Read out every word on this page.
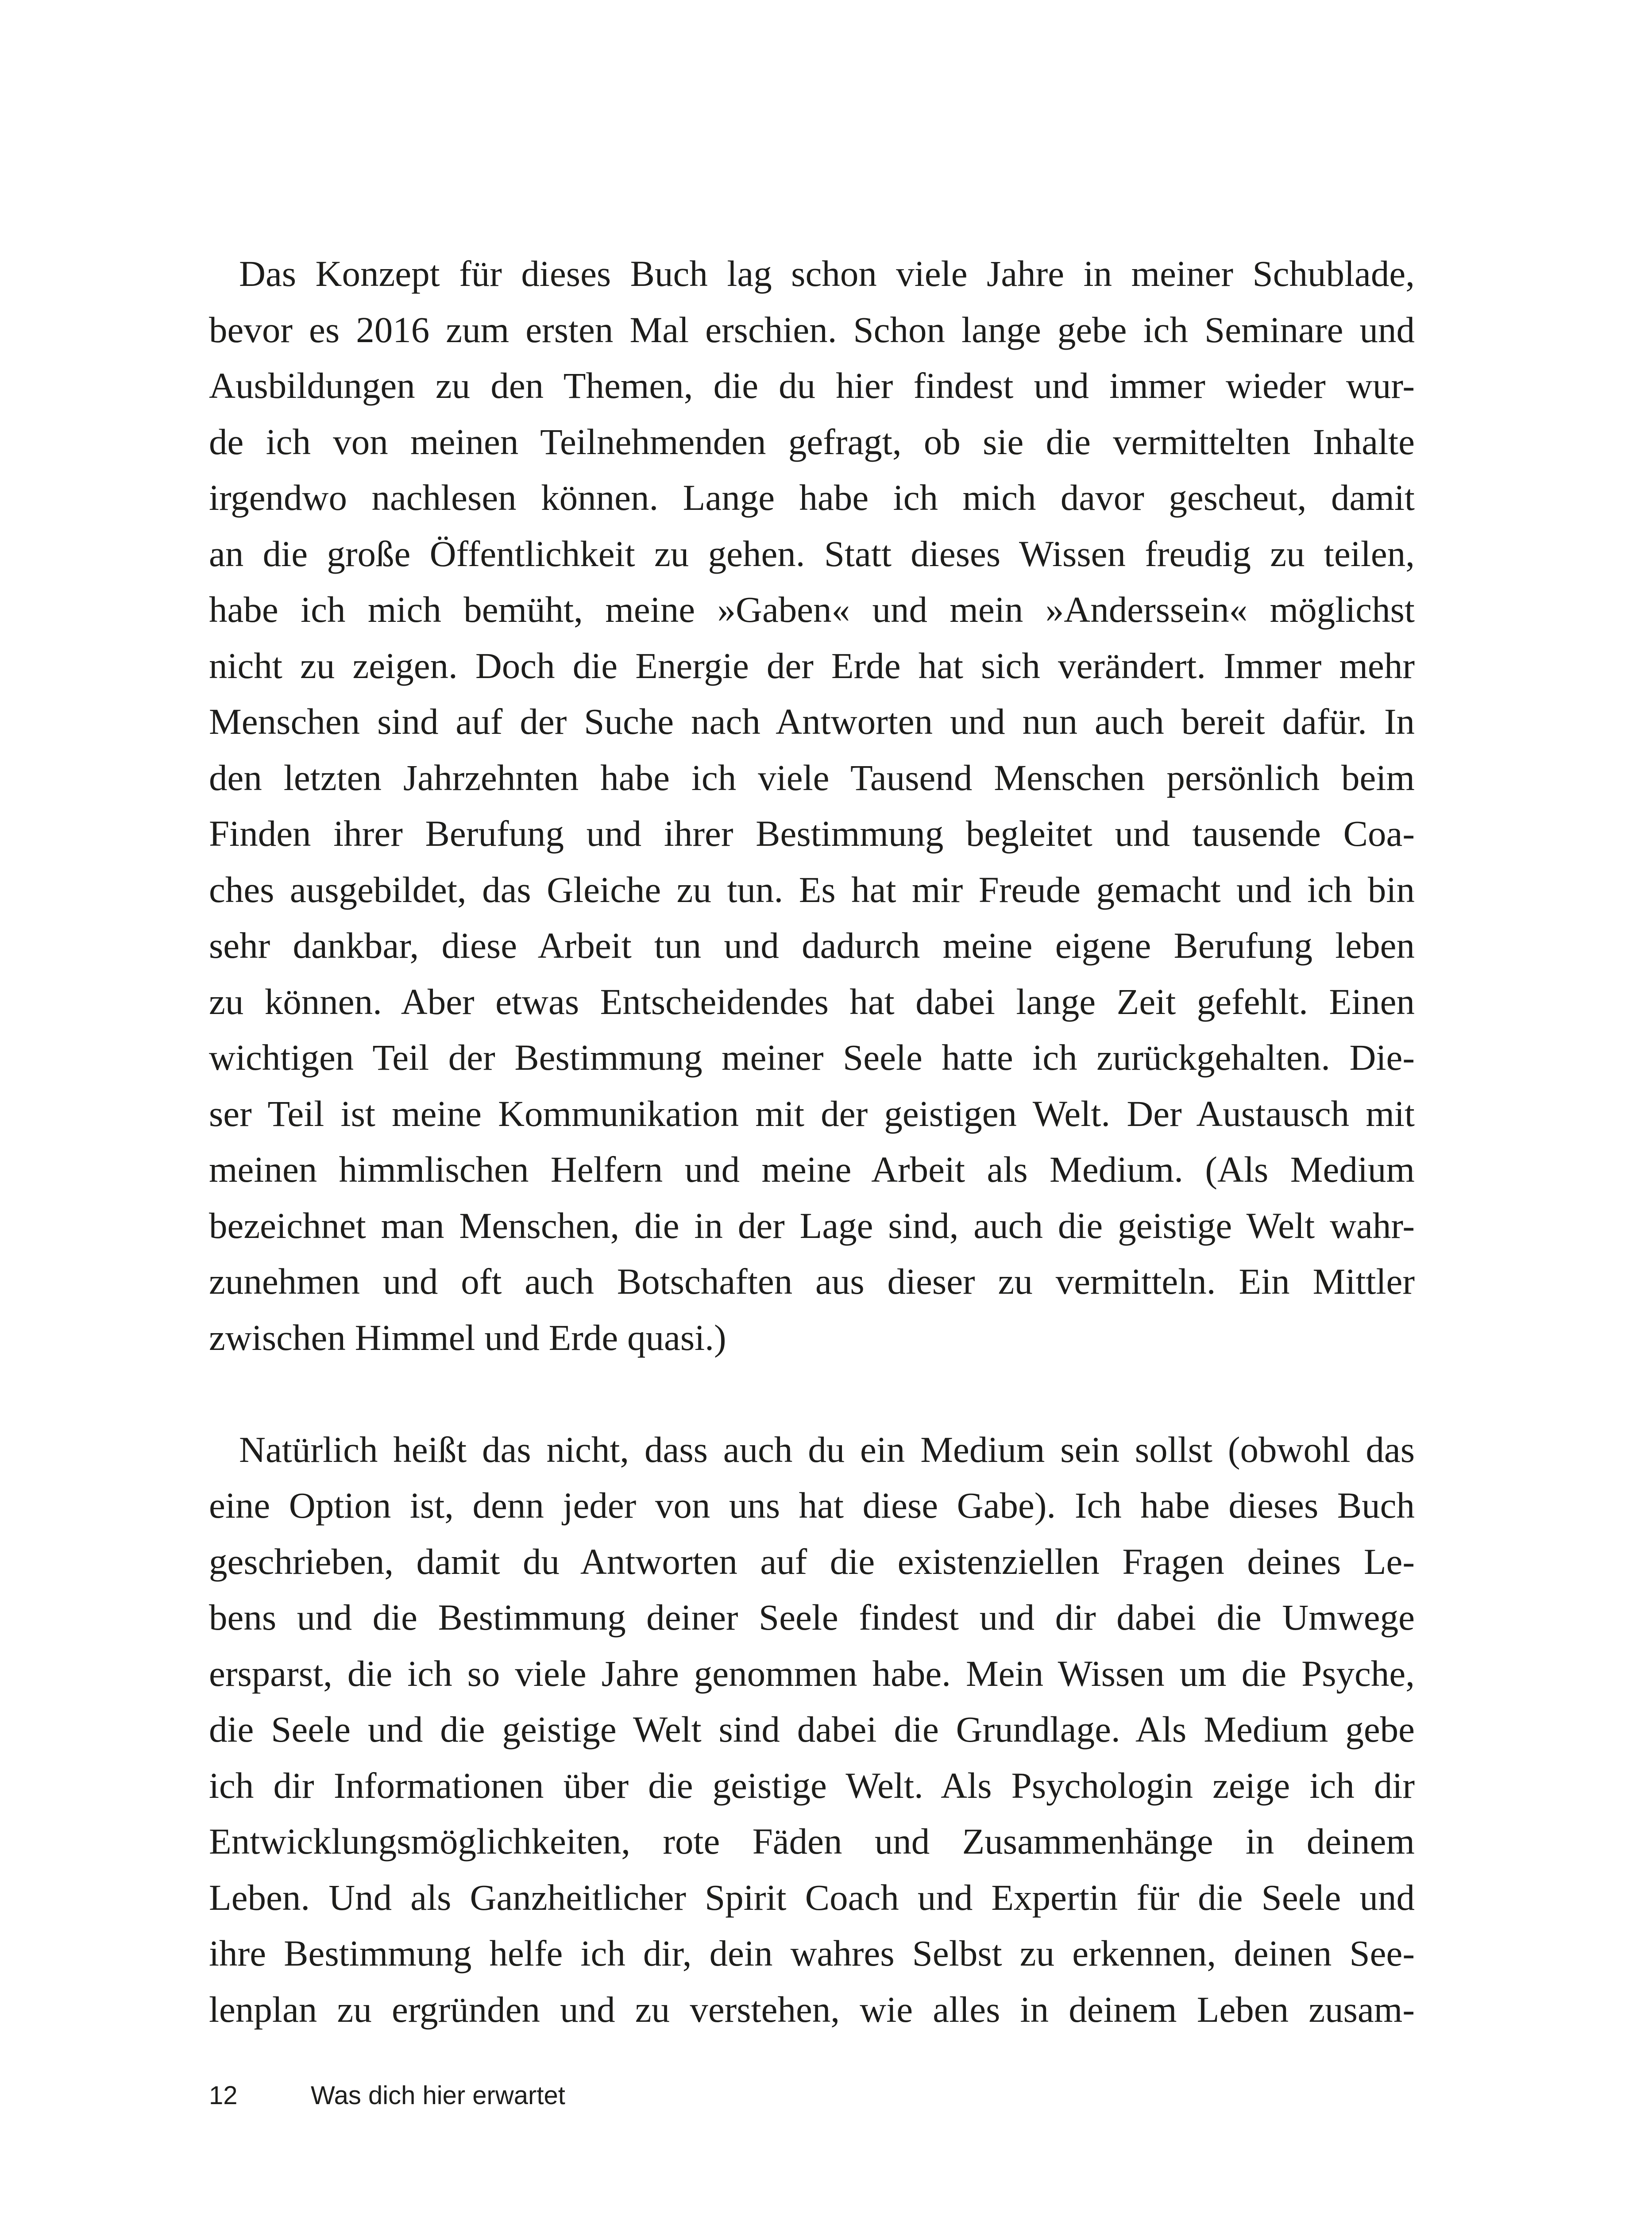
Das Konzept für dieses Buch lag schon viele Jahre in meiner Schublade,
bevor es 2016 zum ersten Mal erschien. Schon lange gebe ich Seminare und
Ausbildungen zu den Themen, die du hier findest und immer wieder wur-
de ich von meinen Teilnehmenden gefragt, ob sie die vermittelten Inhalte
irgendwo nachlesen können. Lange habe ich mich davor gescheut, damit
an die große Öffentlichkeit zu gehen. Statt dieses Wissen freudig zu teilen,
habe ich mich bemüht, meine »Gaben« und mein »Anderssein« möglichst
nicht zu zeigen. Doch die Energie der Erde hat sich verändert. Immer mehr
Menschen sind auf der Suche nach Antworten und nun auch bereit dafür. In
den letzten Jahrzehnten habe ich viele Tausend Menschen persönlich beim
Finden ihrer Berufung und ihrer Bestimmung begleitet und tausende Coa-
ches ausgebildet, das Gleiche zu tun. Es hat mir Freude gemacht und ich bin
sehr dankbar, diese Arbeit tun und dadurch meine eigene Berufung leben
zu können. Aber etwas Entscheidendes hat dabei lange Zeit gefehlt. Einen
wichtigen Teil der Bestimmung meiner Seele hatte ich zurückgehalten. Die-
ser Teil ist meine Kommunikation mit der geistigen Welt. Der Austausch mit
meinen himmlischen Helfern und meine Arbeit als Medium. (Als Medium
bezeichnet man Menschen, die in der Lage sind, auch die geistige Welt wahr-
zunehmen und oft auch Botschaften aus dieser zu vermitteln. Ein Mittler
zwischen Himmel und Erde quasi.)
Natürlich heißt das nicht, dass auch du ein Medium sein sollst (obwohl das
eine Option ist, denn jeder von uns hat diese Gabe). Ich habe dieses Buch
geschrieben, damit du Antworten auf die existenziellen Fragen deines Le-
bens und die Bestimmung deiner Seele findest und dir dabei die Umwege
ersparst, die ich so viele Jahre genommen habe. Mein Wissen um die Psyche,
die Seele und die geistige Welt sind dabei die Grundlage. Als Medium gebe
ich dir Informationen über die geistige Welt. Als Psychologin zeige ich dir
Entwicklungsmöglichkeiten, rote Fäden und Zusammenhänge in deinem
Leben. Und als Ganzheitlicher Spirit Coach und Expertin für die Seele und
ihre Bestimmung helfe ich dir, dein wahres Selbst zu erkennen, deinen See-
lenplan zu ergründen und zu verstehen, wie alles in deinem Leben zusam-
12	Was dich hier erwartet
